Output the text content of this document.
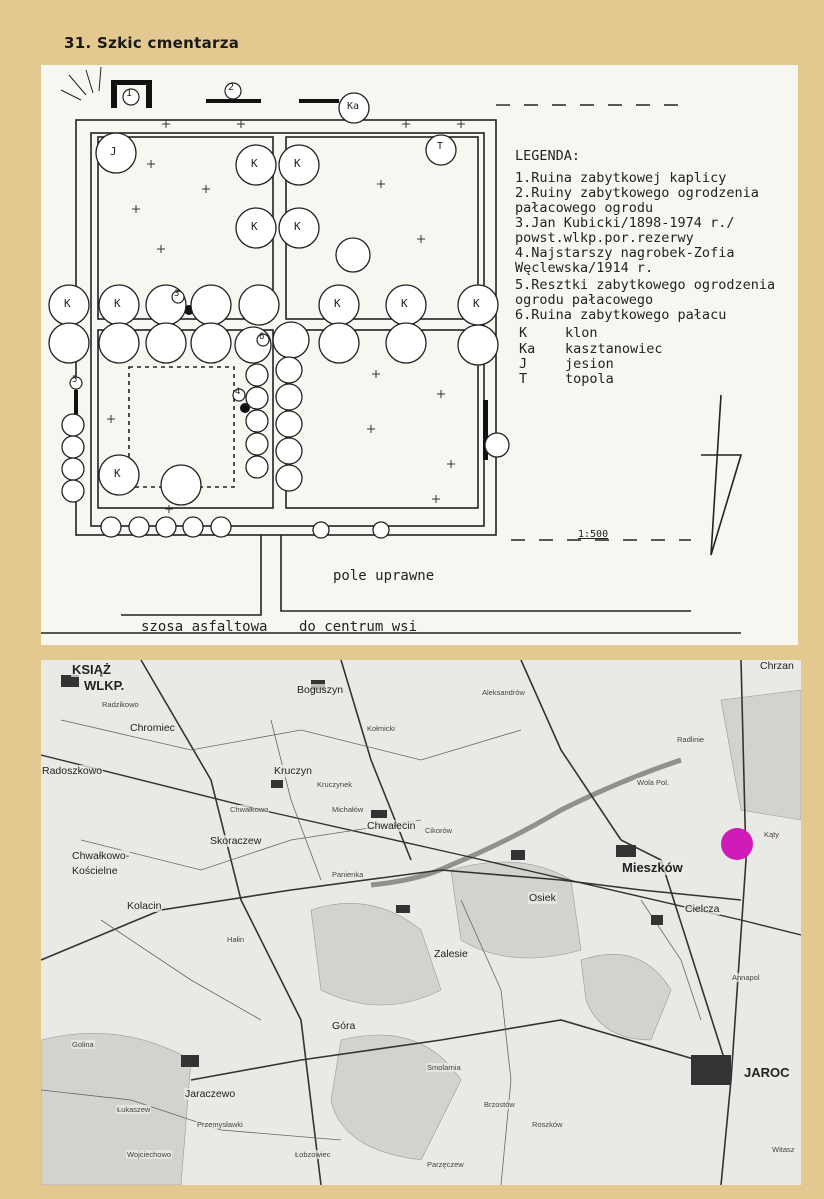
31. Szkic cmentarza
1
2
3
4
5
6
J
Ka
T
K	K
K	K
K	K	K	K	K
K
LEGENDA:
1.Ruina zabytkowej kaplicy
2.Ruiny zabytkowego ogrodzenia
pałacowego ogrodu
3.Jan Kubicki/1898-1974 r./
powst.wlkp.por.rezerwy
4.Najstarszy nagrobek-Zofia
Węclewska/1914 r.
5.Resztki zabytkowego ogrodzenia
ogrodu pałacowego
6.Ruina zabytkowego pałacu
K	klon
Ka kasztanowiec
J	jesion
T	topola
1:500
pole uprawne
szosa asfaltowa do centrum wsi
KSIĄŻ
WLKP.	Boguszyn
Chrzan
Radzikowo
Chromiec	Kołmicki
Aleksandrów
Radlinie
Radoszkowo	Kruczyn
Kruczynek
Michałów
Wola Pol.
Chwałkowo
Chwałecin Cikorów
Skoraczew
Mieszków
Kąty
Chwałkowo-
Kościelne	Panienka
Osiek
Cielcza
Kolacin
Hałin
Zalesie
Annapol
Góra
Jaraczewo
Smolarnia
Brzostów
Łukaszew
Przemysławki	Roszków
JAROC
Wojciechowo	Łobzowiec
Parzęczew
Witasz
Golina
